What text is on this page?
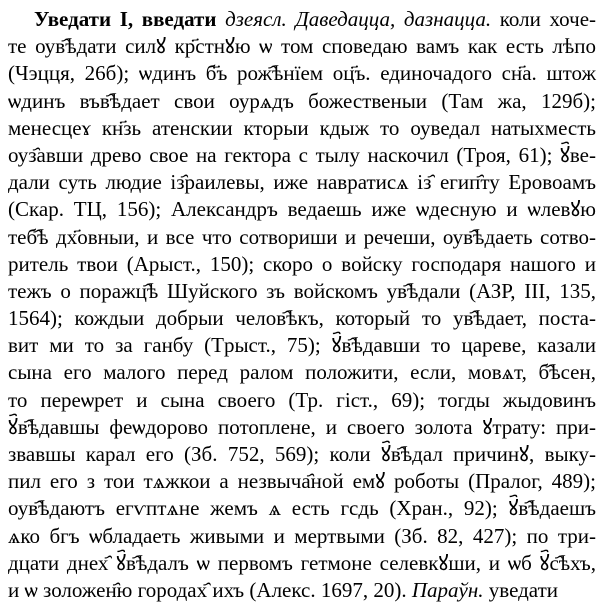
Уведати І, введати дзеясл. Даведацца, дазнацца. коли хоче-
те оув҄ѣдати силꙋ кр҃стнꙋю ѡ том споведаю вамъ как есть лѣпо
(Чэцця, 26б); ѡдинъ б҃ъ рож҄ѣнїем оц҃ъ. единочадого сн҃а. штож
ѡдинъ във҄ѣдает свои оурѧдъ божественыи (Там жа, 129б);
менесцеɤ кн҃зь атенскии кторыи кдыж то оуведал натыхместь
оуз҄авши древо свое на гектора с тылу наскочил (Троя, 61); ꙋ҄ве-
дали суть людие із҄раилевы, иже навратисѧ із҄ егип҄ту Еровоамъ
(Скар. ТЦ, 156); Александръ ведаешь иже ѡдесную и ѡлевꙋю
теб҄ѣ дх҃овныи, и все что сотвориши и речеши, оув҄ѣдаеть сотво-
ритель твои (Арыст., 150); скоро о войску господаря нашого и
тежъ о поражц҄ѣ Шуйского зъ войскомъ ув҄ѣдали (АЗР, ІІІ, 135,
1564); кождыи добрыи челов҄ѣкъ, который то ув҄ѣдает, поста-
вит ми то за ганбу (Тpыст., 75); ꙋ҄в҄ѣдавши то царевe, казали
сына его малого перед ралом положити, если, мовѧт, б҄ѣсен,
то переѡрет и сына своего (Тр. гіст., 69); тогды жыдовинъ
ꙋ҄в҄ѣдавшы феѡдорово потоплене, и своего золота ꙋтрату: при-
звавшы карал его (Зб. 752, 569); коли ꙋ҄в҄ѣдал причинꙋ, выку-
пил его з тои тѧжкои а незвыча҄ной емꙋ роботы (Пралог, 489);
оув҄ѣдаютъ егѵптѧне жемъ ѧ есть гсдь (Хран., 92); ꙋ҄в҄ѣдаешъ
ѧко бгъ ѡбладаеть живыми и мертвыми (Зб. 82, 427); по три-
дцати днех҄ ꙋ҄в҄ѣдалъ ѡ первомъ гетмоне селевкꙋши, и ѡб ꙋ҄с҄ѣхъ,
и ѡ золожен҄ю городах҄ ихъ (Алекс. 1697, 20). Параўн. уведати
